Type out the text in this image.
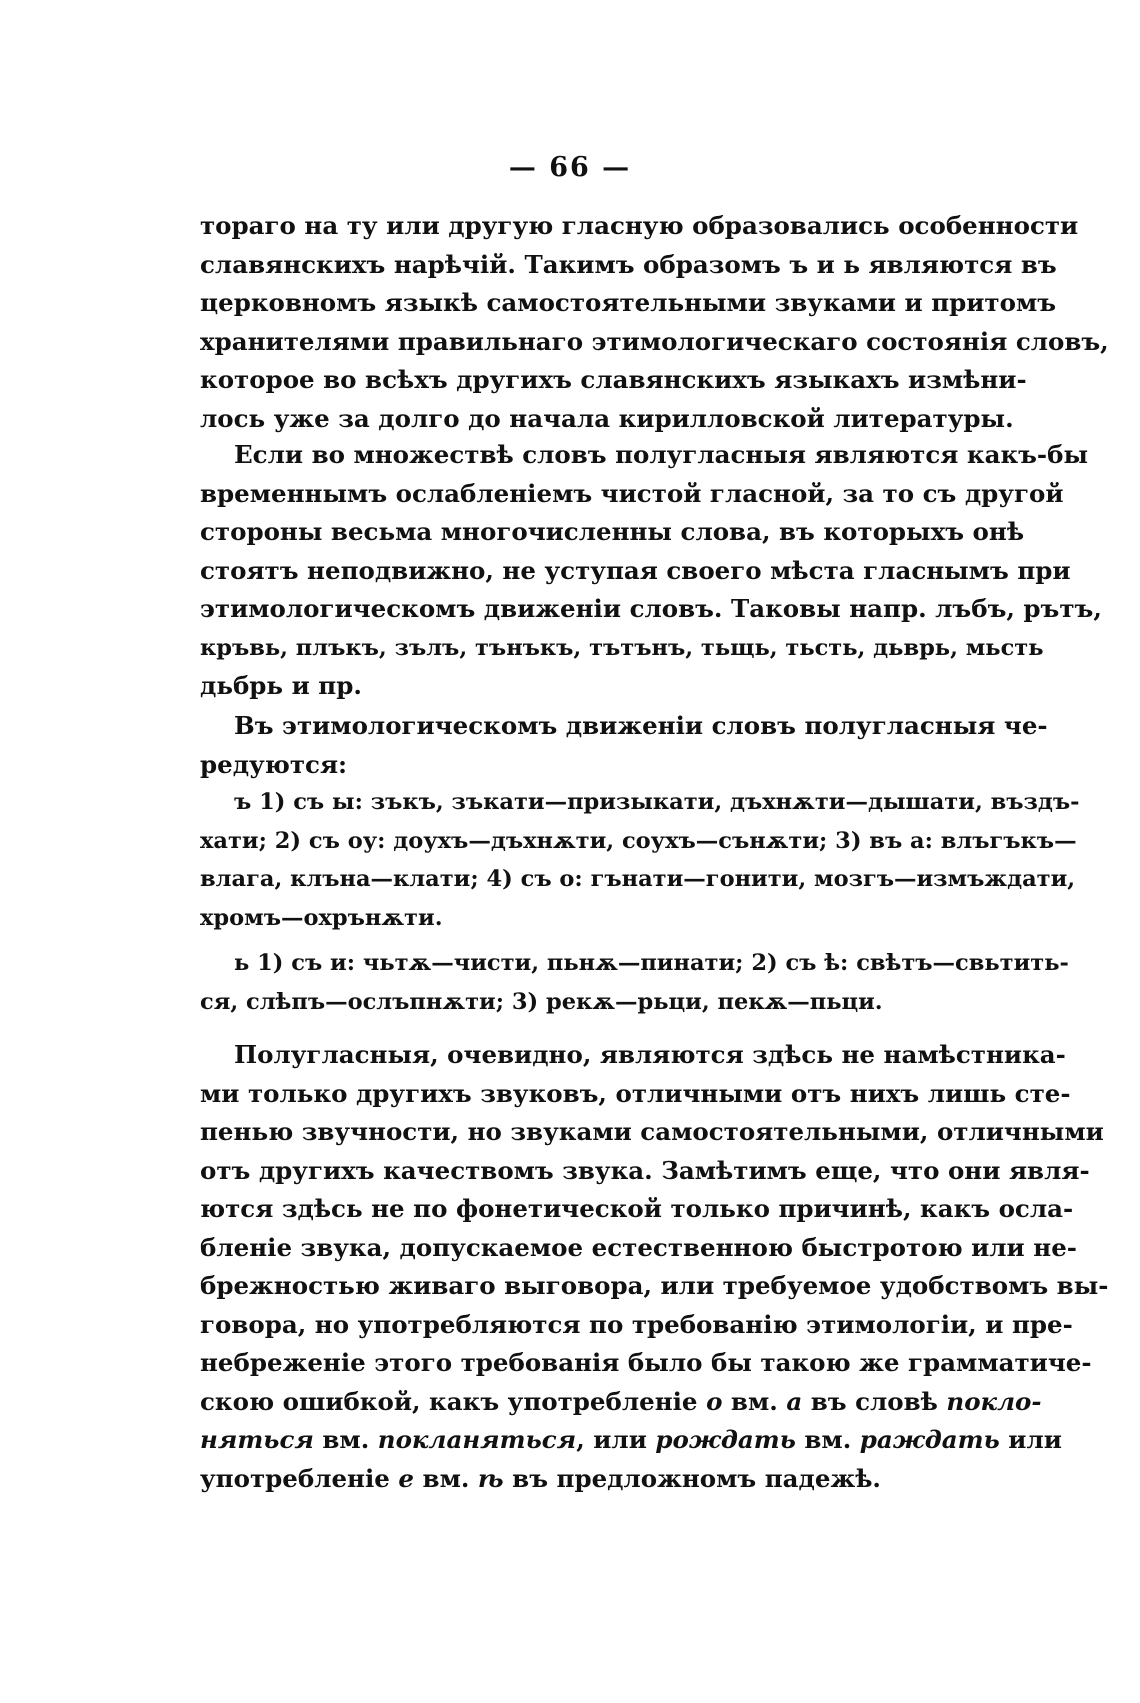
— 66 —
тораго на ту или другую гласную образовались особенности
славянскихъ нарѣчій. Такимъ образомъ ъ и ь являются въ
церковномъ языкѣ самостоятельными звуками и притомъ
хранителями правильнаго этимологическаго состоянія словъ,
которое во всѣхъ другихъ славянскихъ языкахъ измѣни-
лось уже за долго до начала кирилловской литературы.
Если во множествѣ словъ полугласныя являются какъ-бы
временнымъ ослабленіемъ чистой гласной, за то съ другой
стороны весьма многочисленны слова, въ которыхъ онѣ
стоятъ неподвижно, не уступая своего мѣста гласнымъ при
этимологическомъ движеніи словъ. Таковы напр. лъбъ, рътъ,
кръвь, плъкъ, зълъ, тънъкъ, тътънъ, тьщь, тьсть, дьврь, мьсть
дьбрь и пр.
Въ этимологическомъ движеніи словъ полугласныя че-
редуются:
ъ 1) съ ы: зъкъ, зъкати—призыкати, дъхнѫти—дышати, въздъ-
хати; 2) съ оу: доухъ—дъхнѫти, соухъ—сънѫти; 3) въ а: влъгъкъ—
влага, клъна—клати; 4) съ о: гънати—гонити, мозгъ—измъждати,
хромъ—охрънѫти.
ь 1) съ и: чьтѫ—чисти, пьнѫ—пинати; 2) съ ѣ: свѣтъ—свьтить-
ся, слѣпъ—ослъпнѫти; 3) рекѫ—рьци, пекѫ—пьци.
Полугласныя, очевидно, являются здѣсь не намѣстника-
ми только другихъ звуковъ, отличными отъ нихъ лишь сте-
пенью звучности, но звуками самостоятельными, отличными
отъ другихъ качествомъ звука. Замѣтимъ еще, что они явля-
ются здѣсь не по фонетической только причинѣ, какъ осла-
бленіе звука, допускаемое естественною быстротою или не-
брежностью живаго выговора, или требуемое удобствомъ вы-
говора, но употребляются по требованію этимологіи, и пре-
небреженіе этого требованія было бы такою же грамматиче-
скою ошибкой, какъ употребленіе о вм. а въ словѣ покло-
няться вм. покланяться, или рождать вм. раждать или
употребленіе е вм. ѣ въ предложномъ падежѣ.
